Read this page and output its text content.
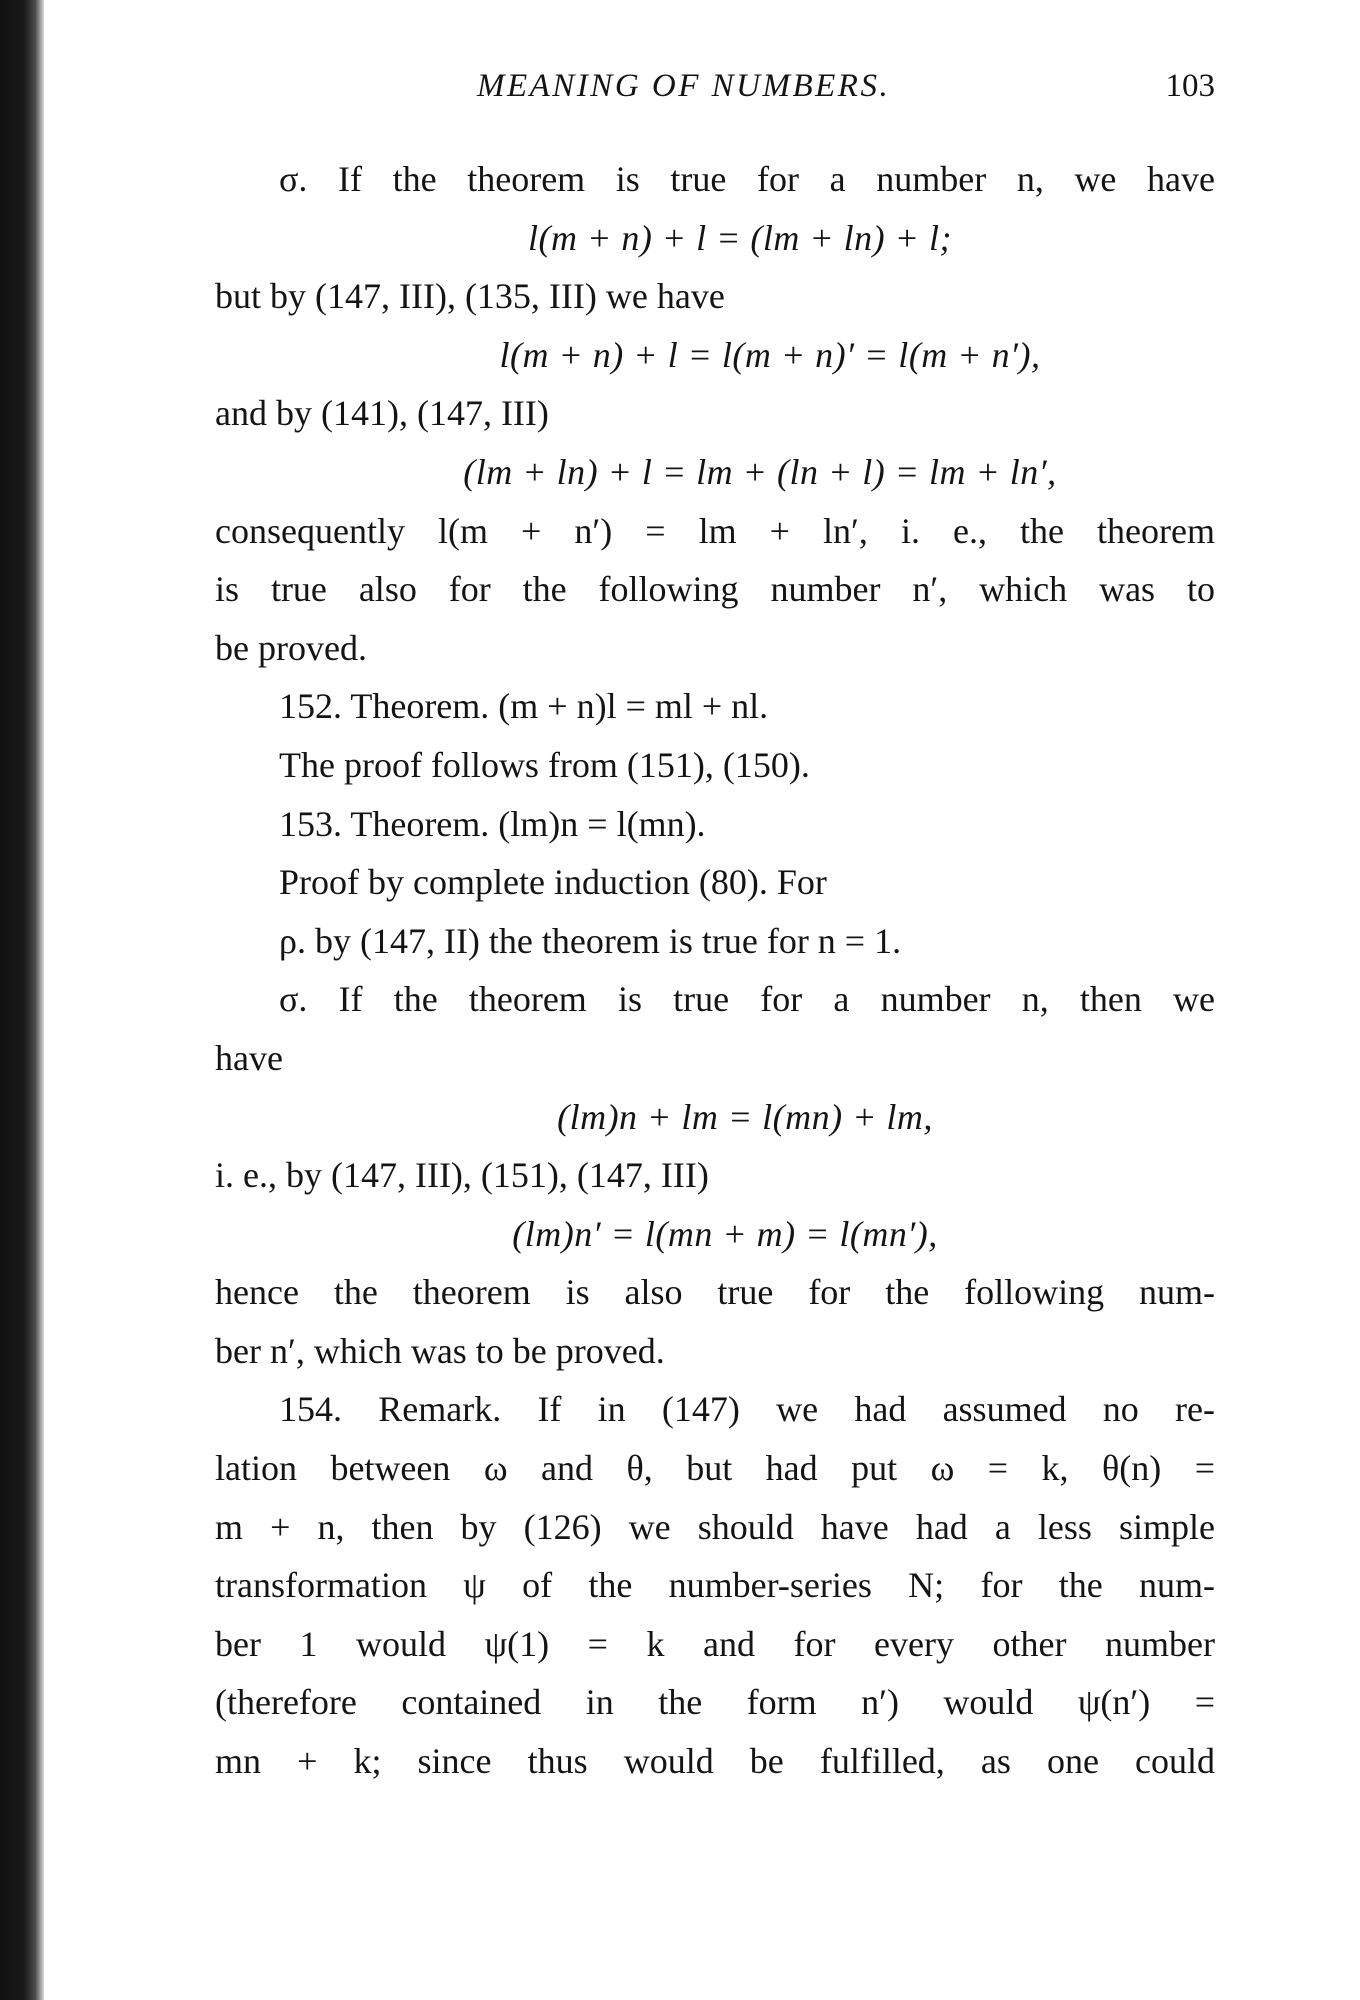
MEANING OF NUMBERS.	103
σ. If the theorem is true for a number n, we have
l(m + n) + l = (lm + ln) + l;
but by (147, III), (135, III) we have
l(m + n) + l = l(m + n)′ = l(m + n′),
and by (141), (147, III)
(lm + ln) + l = lm + (ln + l) = lm + ln′,
consequently l(m + n′) = lm + ln′, i. e., the theorem
is true also for the following number n′, which was to
be proved.
152. Theorem. (m + n)l = ml + nl.
The proof follows from (151), (150).
153. Theorem. (lm)n = l(mn).
Proof by complete induction (80). For
ρ. by (147, II) the theorem is true for n = 1.
σ. If the theorem is true for a number n, then we
have
(lm)n + lm = l(mn) + lm,
i. e., by (147, III), (151), (147, III)
(lm)n′ = l(mn + m) = l(mn′),
hence the theorem is also true for the following num-
ber n′, which was to be proved.
154. Remark. If in (147) we had assumed no re-
lation between ω and θ, but had put ω = k, θ(n) =
m + n, then by (126) we should have had a less simple
transformation ψ of the number-series N; for the num-
ber 1 would ψ(1) = k and for every other number
(therefore contained in the form n′) would ψ(n′) =
mn + k; since thus would be fulfilled, as one could
